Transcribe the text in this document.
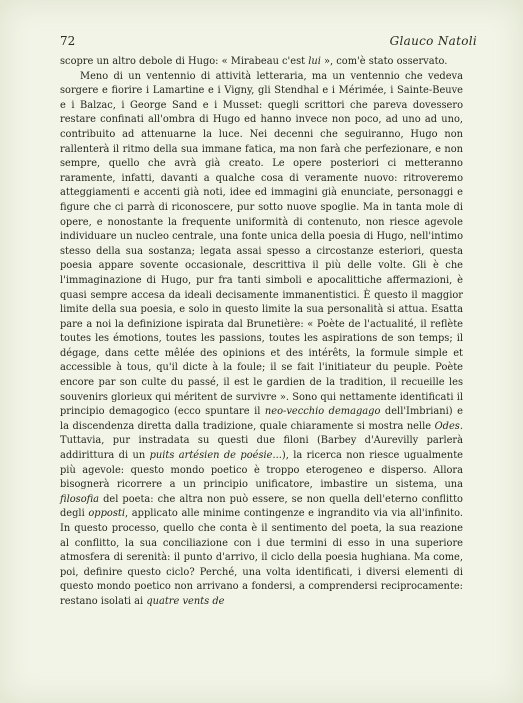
72	Glauco Natoli

scopre un altro debole di Hugo: « Mirabeau c'est lui », com'è stato osservato.

Meno di un ventennio di attività letteraria, ma un ventennio che vedeva sorgere e fiorire i Lamartine e i Vigny, gli Stendhal e i Mérimée, i Sainte-Beuve e i Balzac, i George Sand e i Musset: quegli scrittori che pareva dovessero restare confinati all'ombra di Hugo ed hanno invece non poco, ad uno ad uno, contribuito ad attenuarne la luce. Nei decenni che seguiranno, Hugo non rallenterà il ritmo della sua immane fatica, ma non farà che perfezionare, e non sempre, quello che avrà già creato. Le opere posteriori ci metteranno raramente, infatti, davanti a qualche cosa di veramente nuovo: ritroveremo atteggiamenti e accenti già noti, idee ed immagini già enunciate, personaggi e figure che ci parrà di riconoscere, pur sotto nuove spoglie. Ma in tanta mole di opere, e nonostante la frequente uniformità di contenuto, non riesce agevole individuare un nucleo centrale, una fonte unica della poesia di Hugo, nell'intimo stesso della sua sostanza; legata assai spesso a circostanze esteriori, questa poesia appare sovente occasionale, descrittiva il più delle volte. Gli è che l'immaginazione di Hugo, pur fra tanti simboli e apocalittiche affermazioni, è quasi sempre accesa da ideali decisamente immanentistici. È questo il maggior limite della sua poesia, e solo in questo limite la sua personalità si attua. Esatta pare a noi la definizione ispirata dal Brunetière: « Poète de l'actualité, il reflète toutes les émotions, toutes les passions, toutes les aspirations de son temps; il dégage, dans cette mêlée des opinions et des intérêts, la formule simple et accessible à tous, qu'il dicte à la foule; il se fait l'initiateur du peuple. Poète encore par son culte du passé, il est le gardien de la tradition, il recueille les souvenirs glorieux qui méritent de survivre ». Sono qui nettamente identificati il principio demagogico (ecco spuntare il neo-vecchio demagago dell'Imbriani) e la discendenza diretta dalla tradizione, quale chiaramente si mostra nelle Odes. Tuttavia, pur instradata su questi due filoni (Barbey d'Aurevilly parlerà addirittura di un puits artésien de poésie...), la ricerca non riesce ugualmente più agevole: questo mondo poetico è troppo eterogeneo e disperso. Allora bisognerà ricorrere a un principio unificatore, imbastire un sistema, una filosofia del poeta: che altra non può essere, se non quella dell'eterno conflitto degli opposti, applicato alle minime contingenze e ingrandito via via all'infinito. In questo processo, quello che conta è il sentimento del poeta, la sua reazione al conflitto, la sua conciliazione con i due termini di esso in una superiore atmosfera di serenità: il punto d'arrivo, il ciclo della poesia hughiana. Ma come, poi, definire questo ciclo? Perché, una volta identificati, i diversi elementi di questo mondo poetico non arrivano a fondersi, a comprendersi reciprocamente: restano isolati ai quatre vents de
